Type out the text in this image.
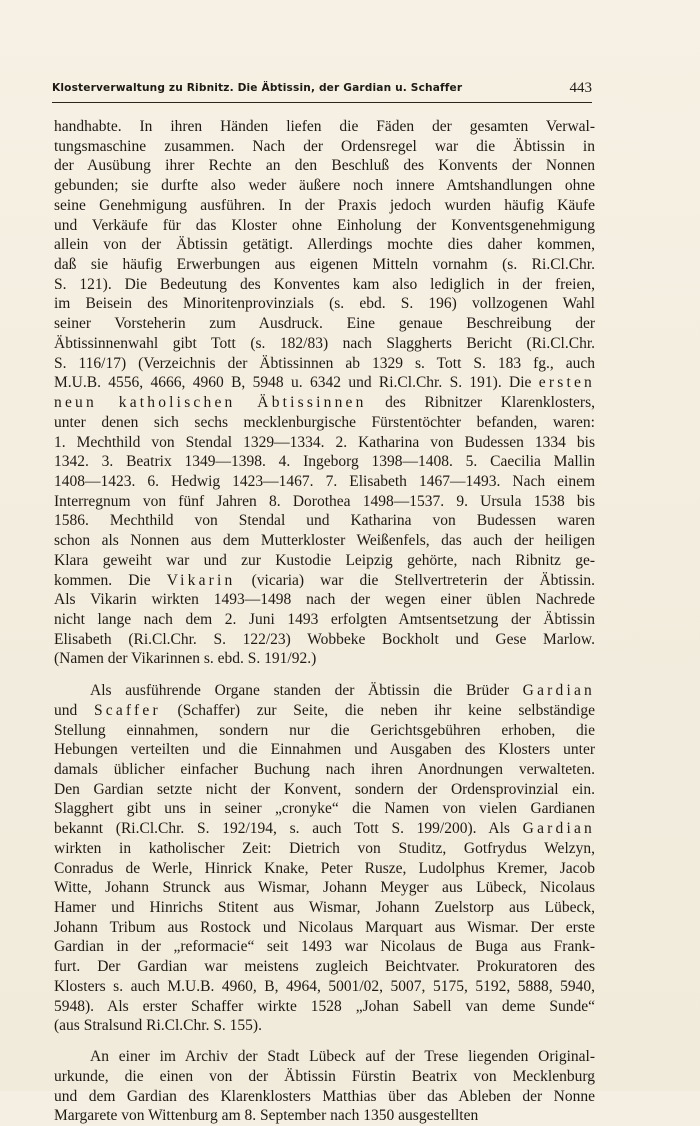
Klosterverwaltung zu Ribnitz. Die Äbtissin, der Gardian u. Schaffer	443
handhabte. In ihren Händen liefen die Fäden der gesamten Verwal-
tungsmaschine zusammen. Nach der Ordensregel war die Äbtissin in
der Ausübung ihrer Rechte an den Beschluß des Konvents der Nonnen
gebunden; sie durfte also weder äußere noch innere Amtshandlungen ohne
seine Genehmigung ausführen. In der Praxis jedoch wurden häufig Käufe
und Verkäufe für das Kloster ohne Einholung der Konventsgenehmigung
allein von der Äbtissin getätigt. Allerdings mochte dies daher kommen,
daß sie häufig Erwerbungen aus eigenen Mitteln vornahm (s. Ri.Cl.Chr.
S. 121). Die Bedeutung des Konventes kam also lediglich in der freien,
im Beisein des Minoritenprovinzials (s. ebd. S. 196) vollzogenen Wahl
seiner Vorsteherin zum Ausdruck. Eine genaue Beschreibung der
Äbtissinnenwahl gibt Tott (s. 182/83) nach Slaggherts Bericht (Ri.Cl.Chr.
S. 116/17) (Verzeichnis der Äbtissinnen ab 1329 s. Tott S. 183 fg., auch
M.U.B. 4556, 4666, 4960 B, 5948 u. 6342 und Ri.Cl.Chr. S. 191). Die ersten
neun katholischen Äbtissinnen des Ribnitzer Klarenklosters,
unter denen sich sechs mecklenburgische Fürstentöchter befanden, waren:
1. Mechthild von Stendal 1329—1334. 2. Katharina von Budessen 1334 bis
1342. 3. Beatrix 1349—1398. 4. Ingeborg 1398—1408. 5. Caecilia Mallin
1408—1423. 6. Hedwig 1423—1467. 7. Elisabeth 1467—1493. Nach einem
Interregnum von fünf Jahren 8. Dorothea 1498—1537. 9. Ursula 1538 bis
1586. Mechthild von Stendal und Katharina von Budessen waren
schon als Nonnen aus dem Mutterkloster Weißenfels, das auch der heiligen
Klara geweiht war und zur Kustodie Leipzig gehörte, nach Ribnitz ge-
kommen. Die Vikarin (vicaria) war die Stellvertreterin der Äbtissin.
Als Vikarin wirkten 1493—1498 nach der wegen einer üblen Nachrede
nicht lange nach dem 2. Juni 1493 erfolgten Amtsentsetzung der Äbtissin
Elisabeth (Ri.Cl.Chr. S. 122/23) Wobbeke Bockholt und Gese Marlow.
(Namen der Vikarinnen s. ebd. S. 191/92.)
Als ausführende Organe standen der Äbtissin die Brüder Gardian
und Scaffer (Schaffer) zur Seite, die neben ihr keine selbständige
Stellung einnahmen, sondern nur die Gerichtsgebühren erhoben, die
Hebungen verteilten und die Einnahmen und Ausgaben des Klosters unter
damals üblicher einfacher Buchung nach ihren Anordnungen verwalteten.
Den Gardian setzte nicht der Konvent, sondern der Ordensprovinzial ein.
Slagghert gibt uns in seiner „cronyke“ die Namen von vielen Gardianen
bekannt (Ri.Cl.Chr. S. 192/194, s. auch Tott S. 199/200). Als Gardian
wirkten in katholischer Zeit: Dietrich von Studitz, Gotfrydus Welzyn,
Conradus de Werle, Hinrick Knake, Peter Rusze, Ludolphus Kremer, Jacob
Witte, Johann Strunck aus Wismar, Johann Meyger aus Lübeck, Nicolaus
Hamer und Hinrichs Stitent aus Wismar, Johann Zuelstorp aus Lübeck,
Johann Tribum aus Rostock und Nicolaus Marquart aus Wismar. Der erste
Gardian in der „reformacie“ seit 1493 war Nicolaus de Buga aus Frank-
furt. Der Gardian war meistens zugleich Beichtvater. Prokuratoren des
Klosters s. auch M.U.B. 4960, B, 4964, 5001/02, 5007, 5175, 5192, 5888, 5940,
5948). Als erster Schaffer wirkte 1528 „Johan Sabell van deme Sunde“
(aus Stralsund Ri.Cl.Chr. S. 155).
An einer im Archiv der Stadt Lübeck auf der Trese liegenden Original-
urkunde, die einen von der Äbtissin Fürstin Beatrix von Mecklenburg
und dem Gardian des Klarenklosters Matthias über das Ableben der Nonne
Margarete von Wittenburg am 8. September nach 1350 ausgestellten
